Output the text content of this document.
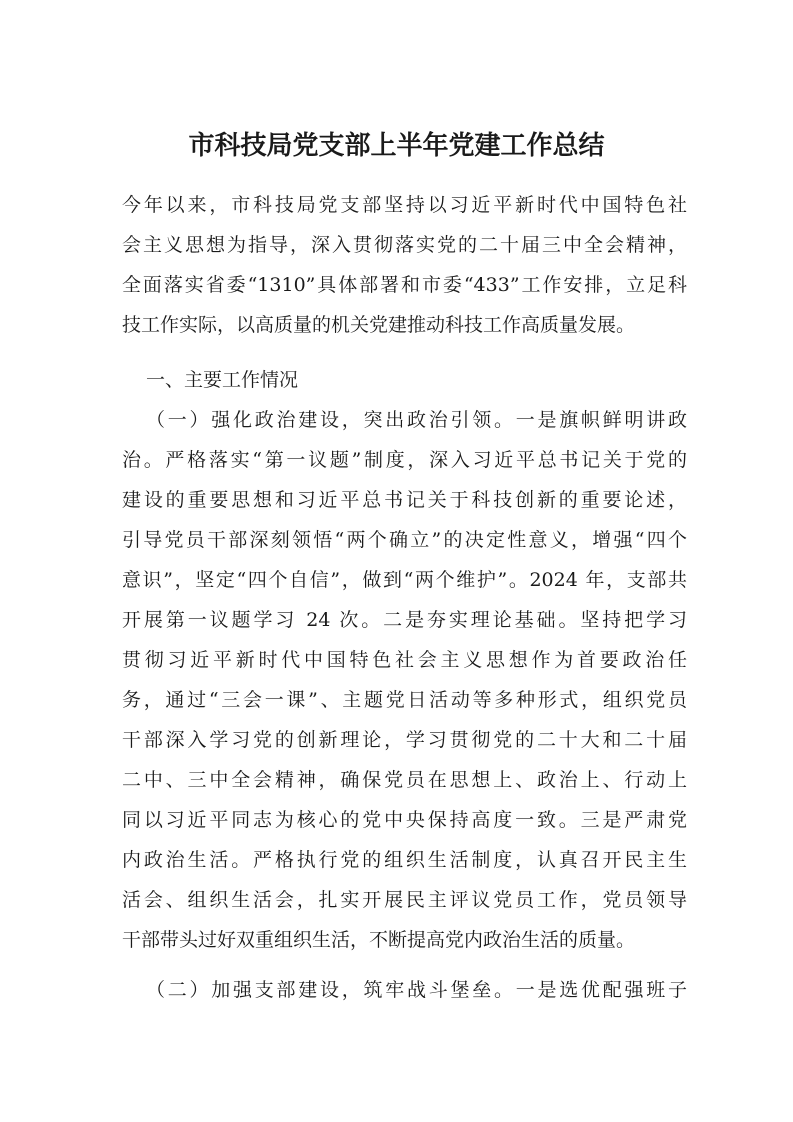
市科技局党支部上半年党建工作总结
今年以来，市科技局党支部坚持以习近平新时代中国特色社
会主义思想为指导，深入贯彻落实党的二十届三中全会精神，
全面落实省委“1310”具体部署和市委“433”工作安排，立足科
技工作实际，以高质量的机关党建推动科技工作高质量发展。
一、主要工作情况
（一）强化政治建设，突出政治引领。一是旗帜鲜明讲政
治。严格落实“第一议题”制度，深入习近平总书记关于党的
建设的重要思想和习近平总书记关于科技创新的重要论述，
引导党员干部深刻领悟“两个确立”的决定性意义，增强“四个
意识”，坚定“四个自信”，做到“两个维护”。2024 年，支部共
开展第一议题学习 24 次。二是夯实理论基础。坚持把学习
贯彻习近平新时代中国特色社会主义思想作为首要政治任
务，通过“三会一课”、主题党日活动等多种形式，组织党员
干部深入学习党的创新理论，学习贯彻党的二十大和二十届
二中、三中全会精神，确保党员在思想上、政治上、行动上
同以习近平同志为核心的党中央保持高度一致。三是严肃党
内政治生活。严格执行党的组织生活制度，认真召开民主生
活会、组织生活会，扎实开展民主评议党员工作，党员领导
干部带头过好双重组织生活，不断提高党内政治生活的质量。
（二）加强支部建设，筑牢战斗堡垒。一是选优配强班子
